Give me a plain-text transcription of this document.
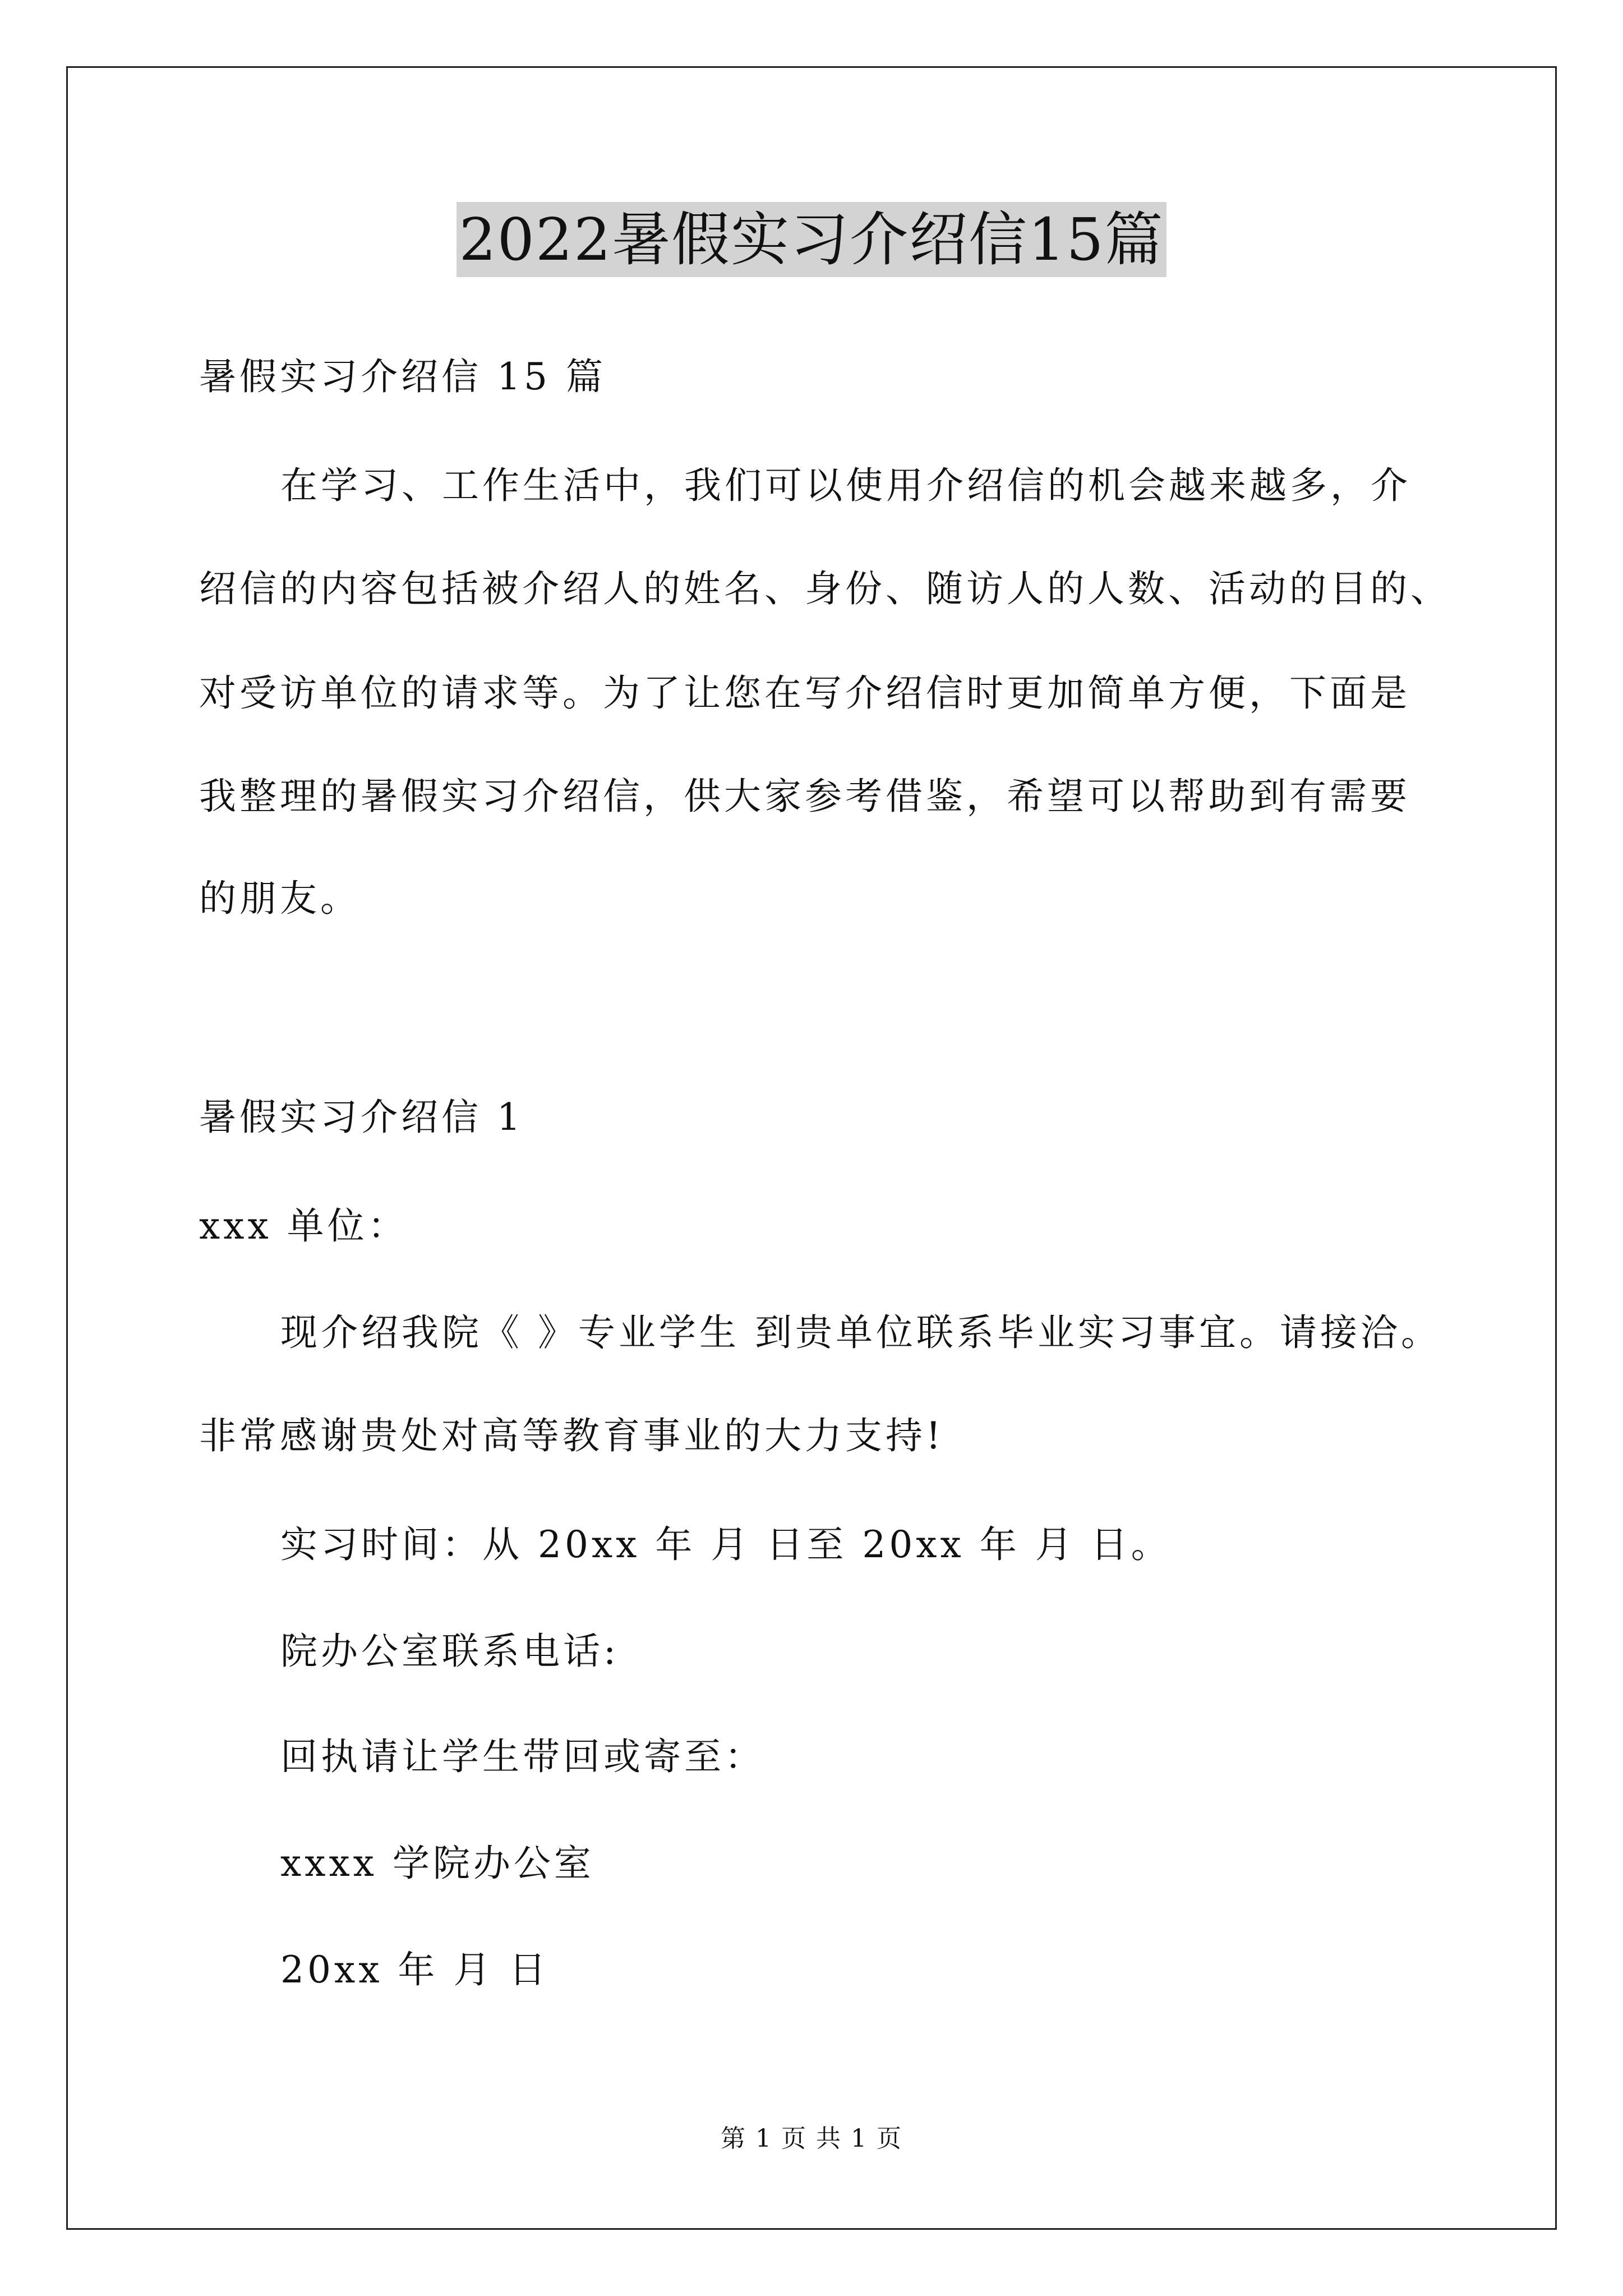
2022暑假实习介绍信15篇
暑假实习介绍信 15 篇
在学习、工作生活中，我们可以使用介绍信的机会越来越多，介
绍信的内容包括被介绍人的姓名、身份、随访人的人数、活动的目的、
对受访单位的请求等。为了让您在写介绍信时更加简单方便，下面是
我整理的暑假实习介绍信，供大家参考借鉴，希望可以帮助到有需要
的朋友。
暑假实习介绍信 1
xxx 单位：
现介绍我院《 》专业学生 到贵单位联系毕业实习事宜。请接洽。
非常感谢贵处对高等教育事业的大力支持!
实习时间：从 20xx 年 月 日至 20xx 年 月 日。
院办公室联系电话:
回执请让学生带回或寄至：
xxxx 学院办公室
20xx 年 月 日
第 1 页 共 1 页
